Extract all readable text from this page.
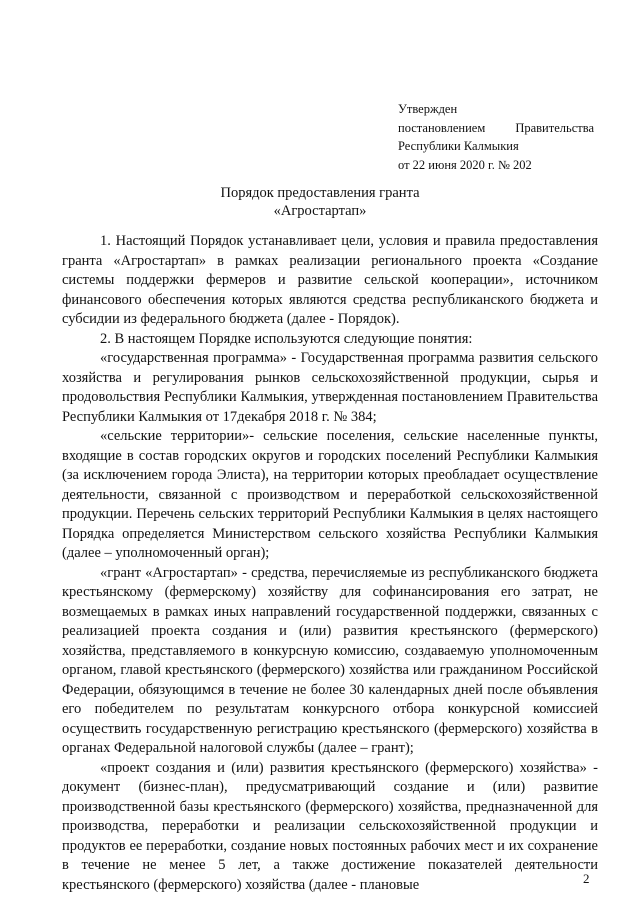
Утвержден
постановлением Правительства
Республики Калмыкия
от 22 июня 2020 г. № 202
Порядок предоставления гранта
«Агростартап»

1. Настоящий Порядок устанавливает цели, условия и правила предоставления гранта «Агростартап» в рамках реализации регионального проекта «Создание системы поддержки фермеров и развитие сельской кооперации», источником финансового обеспечения которых являются средства республиканского бюджета и субсидии из федерального бюджета (далее - Порядок).

2. В настоящем Порядке используются следующие понятия:

«государственная программа» - Государственная программа развития сельского хозяйства и регулирования рынков сельскохозяйственной продукции, сырья и продовольствия Республики Калмыкия, утвержденная постановлением Правительства Республики Калмыкия от 17декабря 2018 г. № 384;

«сельские территории»- сельские поселения, сельские населенные пункты, входящие в состав городских округов и городских поселений Республики Калмыкия (за исключением города Элиста), на территории которых преобладает осуществление деятельности, связанной с производством и переработкой сельскохозяйственной продукции. Перечень сельских территорий Республики Калмыкия в целях настоящего Порядка определяется Министерством сельского хозяйства Республики Калмыкия (далее – уполномоченный орган);

«грант «Агростартап» - средства, перечисляемые из республиканского бюджета крестьянскому (фермерскому) хозяйству для софинансирования его затрат, не возмещаемых в рамках иных направлений государственной поддержки, связанных с реализацией проекта создания и (или) развития крестьянского (фермерского) хозяйства, представляемого в конкурсную комиссию, создаваемую уполномоченным органом, главой крестьянского (фермерского) хозяйства или гражданином Российской Федерации, обязующимся в течение не более 30 календарных дней после объявления его победителем по результатам конкурсного отбора конкурсной комиссией осуществить государственную регистрацию крестьянского (фермерского) хозяйства в органах Федеральной налоговой службы (далее – грант);

«проект создания и (или) развития крестьянского (фермерского) хозяйства» - документ (бизнес-план), предусматривающий создание и (или) развитие производственной базы крестьянского (фермерского) хозяйства, предназначенной для производства, переработки и реализации сельскохозяйственной продукции и продуктов ее переработки, создание новых постоянных рабочих мест и их сохранение в течение не менее 5 лет, а также достижение показателей деятельности крестьянского (фермерского) хозяйства (далее - плановые	2
